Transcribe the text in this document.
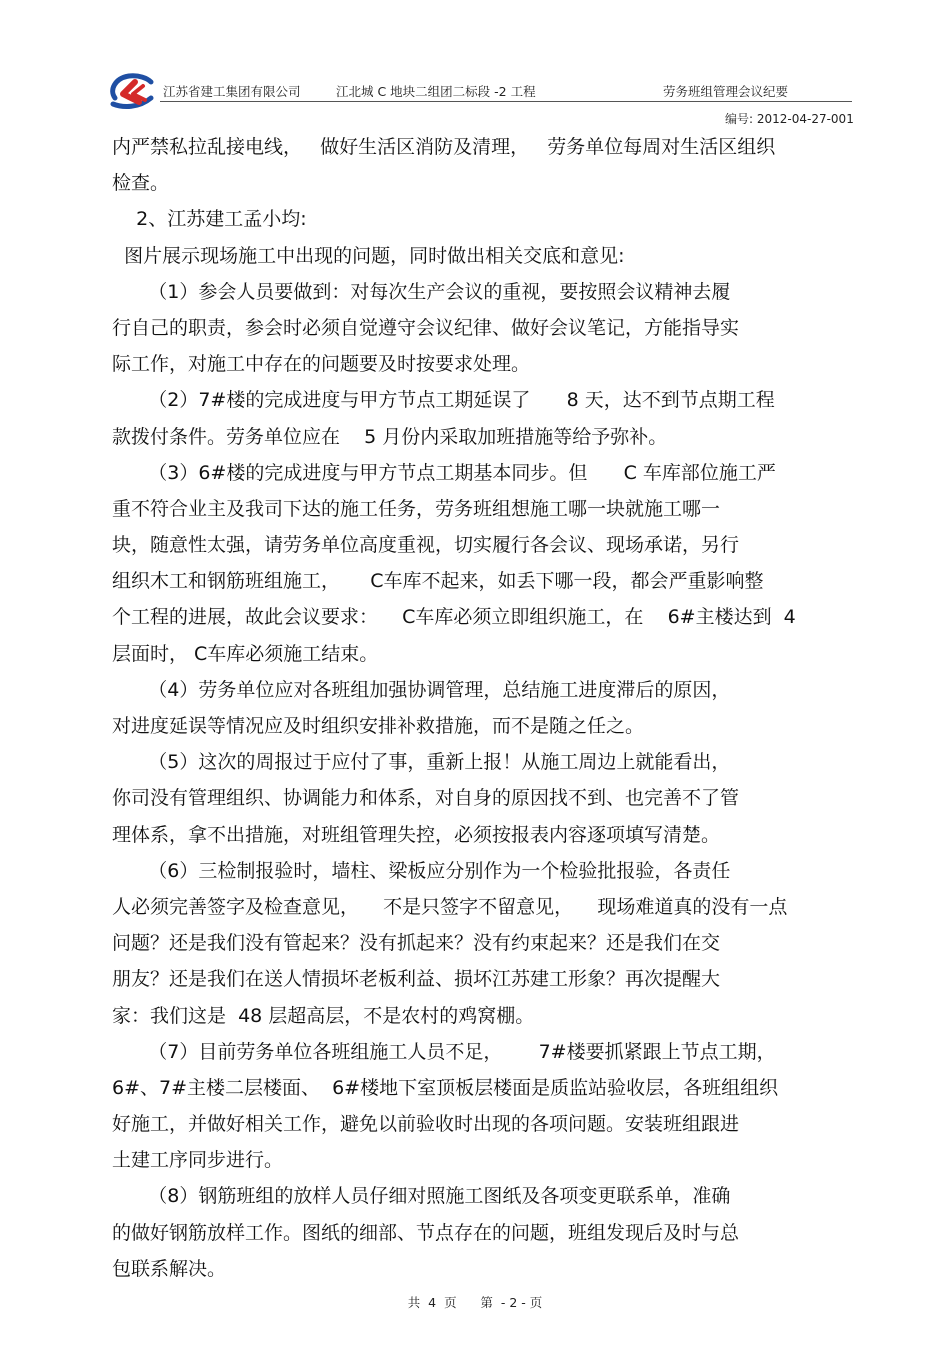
江苏省建工集团有限公司	江北城 C 地块二组团二标段 -2 工程	劳务班组管理会议纪要
编号: 2012-04-27-001
内严禁私拉乱接电线，   做好生活区消防及清理，   劳务单位每周对生活区组织
检查。
2、江苏建工孟小均:
图片展示现场施工中出现的问题，同时做出相关交底和意见:
（1）参会人员要做到：对每次生产会议的重视，要按照会议精神去履
行自己的职责，参会时必须自觉遵守会议纪律、做好会议笔记，方能指导实
际工作，对施工中存在的问题要及时按要求处理。
（2）7#楼的完成进度与甲方节点工期延误了      8 天，达不到节点期工程
款拨付条件。劳务单位应在    5 月份内采取加班措施等给予弥补。
（3）6#楼的完成进度与甲方节点工期基本同步。但      C 车库部位施工严
重不符合业主及我司下达的施工任务，劳务班组想施工哪一块就施工哪一
块，随意性太强，请劳务单位高度重视，切实履行各会议、现场承诺，另行
组织木工和钢筋班组施工，     C车库不起来，如丢下哪一段，都会严重影响整
个工程的进展，故此会议要求：    C车库必须立即组织施工，在    6#主楼达到  4
层面时， C车库必须施工结束。
（4）劳务单位应对各班组加强协调管理，总结施工进度滞后的原因，
对进度延误等情况应及时组织安排补救措施，而不是随之任之。
（5）这次的周报过于应付了事，重新上报！从施工周边上就能看出，
你司没有管理组织、协调能力和体系，对自身的原因找不到、也完善不了管
理体系，拿不出措施，对班组管理失控，必须按报表内容逐项填写清楚。
（6）三检制报验时，墙柱、梁板应分别作为一个检验批报验，各责任
人必须完善签字及检查意见，    不是只签字不留意见，    现场难道真的没有一点
问题？还是我们没有管起来？没有抓起来？没有约束起来？还是我们在交
朋友？还是我们在送人情损坏老板利益、损坏江苏建工形象？再次提醒大
家：我们这是  48 层超高层，不是农村的鸡窝棚。
（7）目前劳务单位各班组施工人员不足，      7#楼要抓紧跟上节点工期，
6#、7#主楼二层楼面、  6#楼地下室顶板层楼面是质监站验收层，各班组组织
好施工，并做好相关工作，避免以前验收时出现的各项问题。安装班组跟进
土建工序同步进行。
（8）钢筋班组的放样人员仔细对照施工图纸及各项变更联系单，准确
的做好钢筋放样工作。图纸的细部、节点存在的问题，班组发现后及时与总
包联系解决。
共  4  页 第  - 2 - 页
